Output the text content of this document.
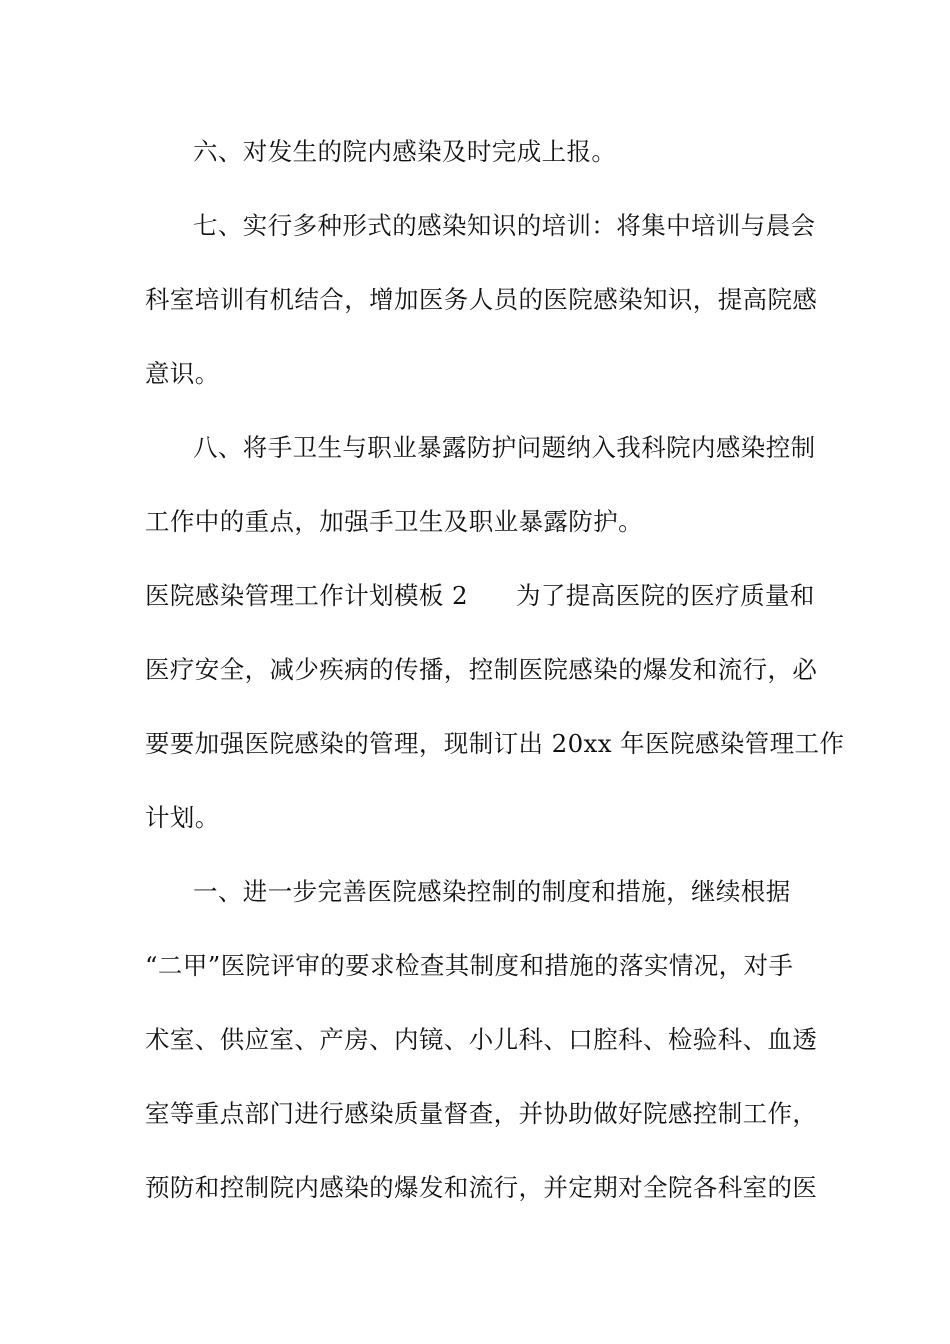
六、对发生的院内感染及时完成上报。
七、实行多种形式的感染知识的培训：将集中培训与晨会
科室培训有机结合，增加医务人员的医院感染知识，提高院感
意识。
八、将手卫生与职业暴露防护问题纳入我科院内感染控制
工作中的重点，加强手卫生及职业暴露防护。
医院感染管理工作计划模板 2 为了提高医院的医疗质量和
医疗安全，减少疾病的传播，控制医院感染的爆发和流行，必
要要加强医院感染的管理，现制订出 20xx 年医院感染管理工作
计划。
一、进一步完善医院感染控制的制度和措施，继续根据
“二甲”医院评审的要求检查其制度和措施的落实情况，对手
术室、供应室、产房、内镜、小儿科、口腔科、检验科、血透
室等重点部门进行感染质量督查，并协助做好院感控制工作，
预防和控制院内感染的爆发和流行，并定期对全院各科室的医
